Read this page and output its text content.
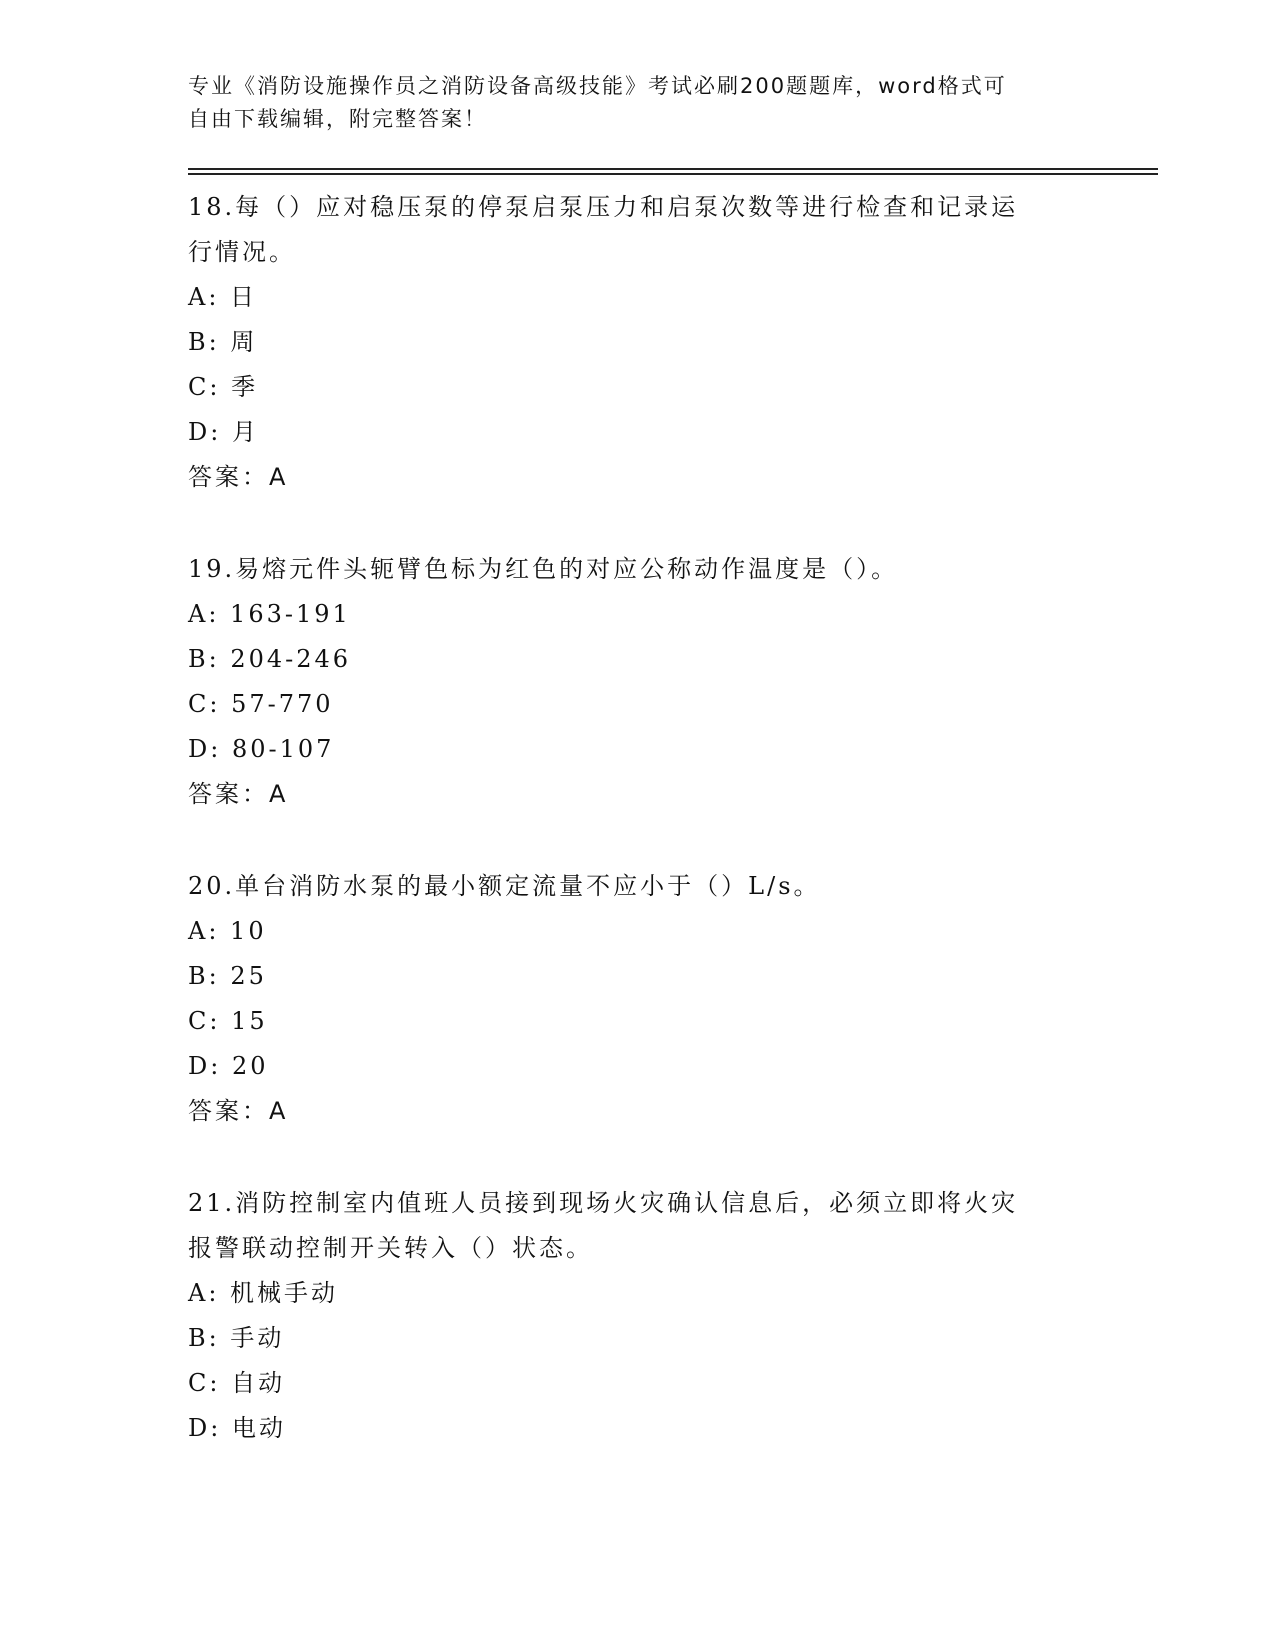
专业《消防设施操作员之消防设备高级技能》考试必刷200题题库，word格式可
自由下载编辑，附完整答案！
18.每（）应对稳压泵的停泵启泵压力和启泵次数等进行检查和记录运
行情况。
A: 日
B: 周
C: 季
D: 月
答案：A
19.易熔元件头轭臂色标为红色的对应公称动作温度是（）。
A: 163-191
B: 204-246
C: 57-770
D: 80-107
答案：A
20.单台消防水泵的最小额定流量不应小于（）L/s。
A: 10
B: 25
C: 15
D: 20
答案：A
21.消防控制室内值班人员接到现场火灾确认信息后，必须立即将火灾
报警联动控制开关转入（）状态。
A: 机械手动
B: 手动
C: 自动
D: 电动
